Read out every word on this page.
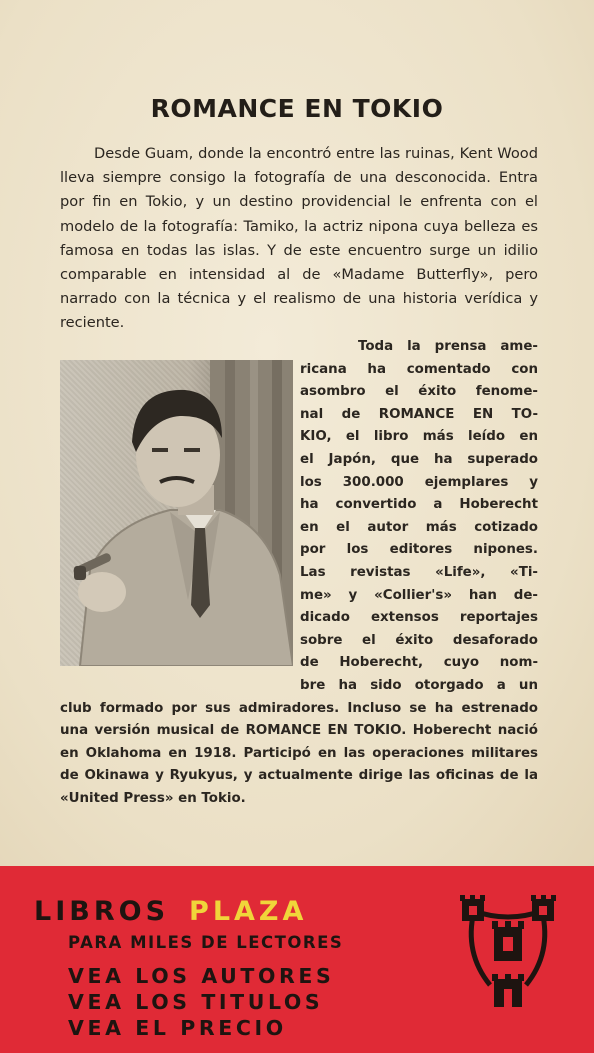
ROMANCE EN TOKIO

Desde Guam, donde la encontró entre las ruinas, Kent Wood lleva siempre consigo la fotografía de una desconocida. Entra por fin en Tokio, y un destino providencial le enfrenta con el modelo de la fotografía: Tamiko, la actriz nipona cuya belleza es famosa en todas las islas. Y de este encuentro surge un idilio comparable en intensidad al de «Madame Butterfly», pero narrado con la técnica y el realismo de una historia verídica y reciente.

Toda la prensa ame-
ricana ha comentado con
asombro el éxito fenome-
nal de ROMANCE EN TO-
KIO, el libro más leído en
el Japón, que ha superado
los 300.000 ejemplares y
ha convertido a Hoberecht
en el autor más cotizado
por los editores nipones.
Las revistas «Life», «Ti-
me» y «Collier's» han de-
dicado extensos reportajes
sobre el éxito desaforado
de Hoberecht, cuyo nom-
bre ha sido otorgado a un

club formado por sus admiradores. Incluso se ha estrenado una versión musical de ROMANCE EN TOKIO. Hoberecht nació en Oklahoma en 1918. Participó en las operaciones militares de Okinawa y Ryukyus, y actualmente dirige las oficinas de la «United Press» en Tokio.

LIBROS PLAZA
PARA MILES DE LECTORES
VEA LOS AUTORES
VEA LOS TITULOS
VEA EL PRECIO
